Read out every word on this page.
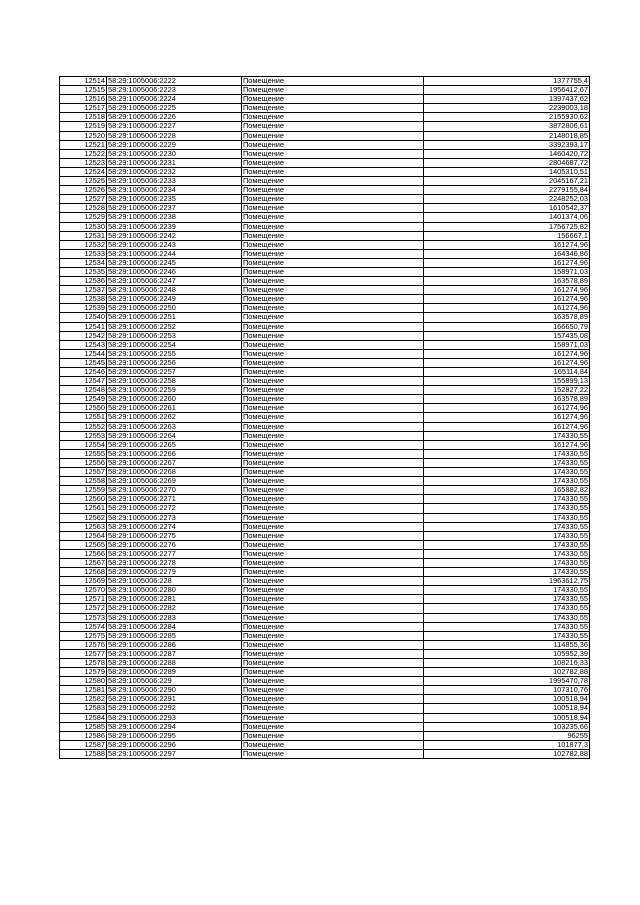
12514	58:29:1005006:2222	Помещение	1377755,4
12515	58:29:1005006:2223	Помещение	1956412,67
12516	58:29:1005006:2224	Помещение	1397437,62
12517	58:29:1005006:2225	Помещение	2239003,18
12518	58:29:1005006:2226	Помещение	2155930,62
12519	58:29:1005006:2227	Помещение	3872806,61
12520	58:29:1005006:2228	Помещение	2148018,85
12521	58:29:1005006:2229	Помещение	3392393,17
12522	58:29:1005006:2230	Помещение	1460420,72
12523	58:29:1005006:2231	Помещение	2804687,72
12524	58:29:1005006:2232	Помещение	1405310,51
12525	58:29:1005006:2233	Помещение	2045167,21
12526	58:29:1005006:2234	Помещение	2279155,84
12527	58:29:1005006:2235	Помещение	2248252,03
12528	58:29:1005006:2237	Помещение	1610542,37
12529	58:29:1005006:2238	Помещение	1401374,06
12530	58:29:1005006:2239	Помещение	1756725,82
12531	58:29:1005006:2242	Помещение	156667,1
12532	58:29:1005006:2243	Помещение	161274,96
12533	58:29:1005006:2244	Помещение	164346,86
12534	58:29:1005006:2245	Помещение	161274,96
12535	58:29:1005006:2246	Помещение	158971,03
12536	58:29:1005006:2247	Помещение	163578,89
12537	58:29:1005006:2248	Помещение	161274,96
12538	58:29:1005006:2249	Помещение	161274,96
12539	58:29:1005006:2250	Помещение	161274,96
12540	58:29:1005006:2251	Помещение	163578,89
12541	58:29:1005006:2252	Помещение	166650,79
12542	58:29:1005006:2253	Помещение	157435,08
12543	58:29:1005006:2254	Помещение	158971,03
12544	58:29:1005006:2255	Помещение	161274,96
12545	58:29:1005006:2256	Помещение	161274,96
12546	58:29:1005006:2257	Помещение	165114,84
12547	58:29:1005006:2258	Помещение	155899,13
12548	58:29:1005006:2259	Помещение	152827,22
12549	58:29:1005006:2260	Помещение	163578,89
12550	58:29:1005006:2261	Помещение	161274,96
12551	58:29:1005006:2262	Помещение	161274,96
12552	58:29:1005006:2263	Помещение	161274,96
12553	58:29:1005006:2264	Помещение	174330,55
12554	58:29:1005006:2265	Помещение	161274,96
12555	58:29:1005006:2266	Помещение	174330,55
12556	58:29:1005006:2267	Помещение	174330,55
12557	58:29:1005006:2268	Помещение	174330,55
12558	58:29:1005006:2269	Помещение	174330,55
12559	58:29:1005006:2270	Помещение	165882,82
12560	58:29:1005006:2271	Помещение	174330,55
12561	58:29:1005006:2272	Помещение	174330,55
12562	58:29:1005006:2273	Помещение	174330,55
12563	58:29:1005006:2274	Помещение	174330,55
12564	58:29:1005006:2275	Помещение	174330,55
12565	58:29:1005006:2276	Помещение	174330,55
12566	58:29:1005006:2277	Помещение	174330,55
12567	58:29:1005006:2278	Помещение	174330,55
12568	58:29:1005006:2279	Помещение	174330,55
12569	58:29:1005006:228	Помещение	1963612,75
12570	58:29:1005006:2280	Помещение	174330,55
12571	58:29:1005006:2281	Помещение	174330,55
12572	58:29:1005006:2282	Помещение	174330,55
12573	58:29:1005006:2283	Помещение	174330,55
12574	58:29:1005006:2284	Помещение	174330,55
12575	58:29:1005006:2285	Помещение	174330,55
12576	58:29:1005006:2286	Помещение	114855,36
12577	58:29:1005006:2287	Помещение	105952,39
12578	58:29:1005006:2288	Помещение	108216,33
12579	58:29:1005006:2289	Помещение	102782,88
12580	58:29:1005006:229	Помещение	1995470,78
12581	58:29:1005006:2290	Помещение	107310,76
12582	58:29:1005006:2291	Помещение	100518,94
12583	58:29:1005006:2292	Помещение	100518,94
12584	58:29:1005006:2293	Помещение	100518,94
12585	58:29:1005006:2294	Помещение	103235,66
12586	58:29:1005006:2295	Помещение	96255
12587	58:29:1005006:2296	Помещение	101877,3
12588	58:29:1005006:2297	Помещение	102782,88
